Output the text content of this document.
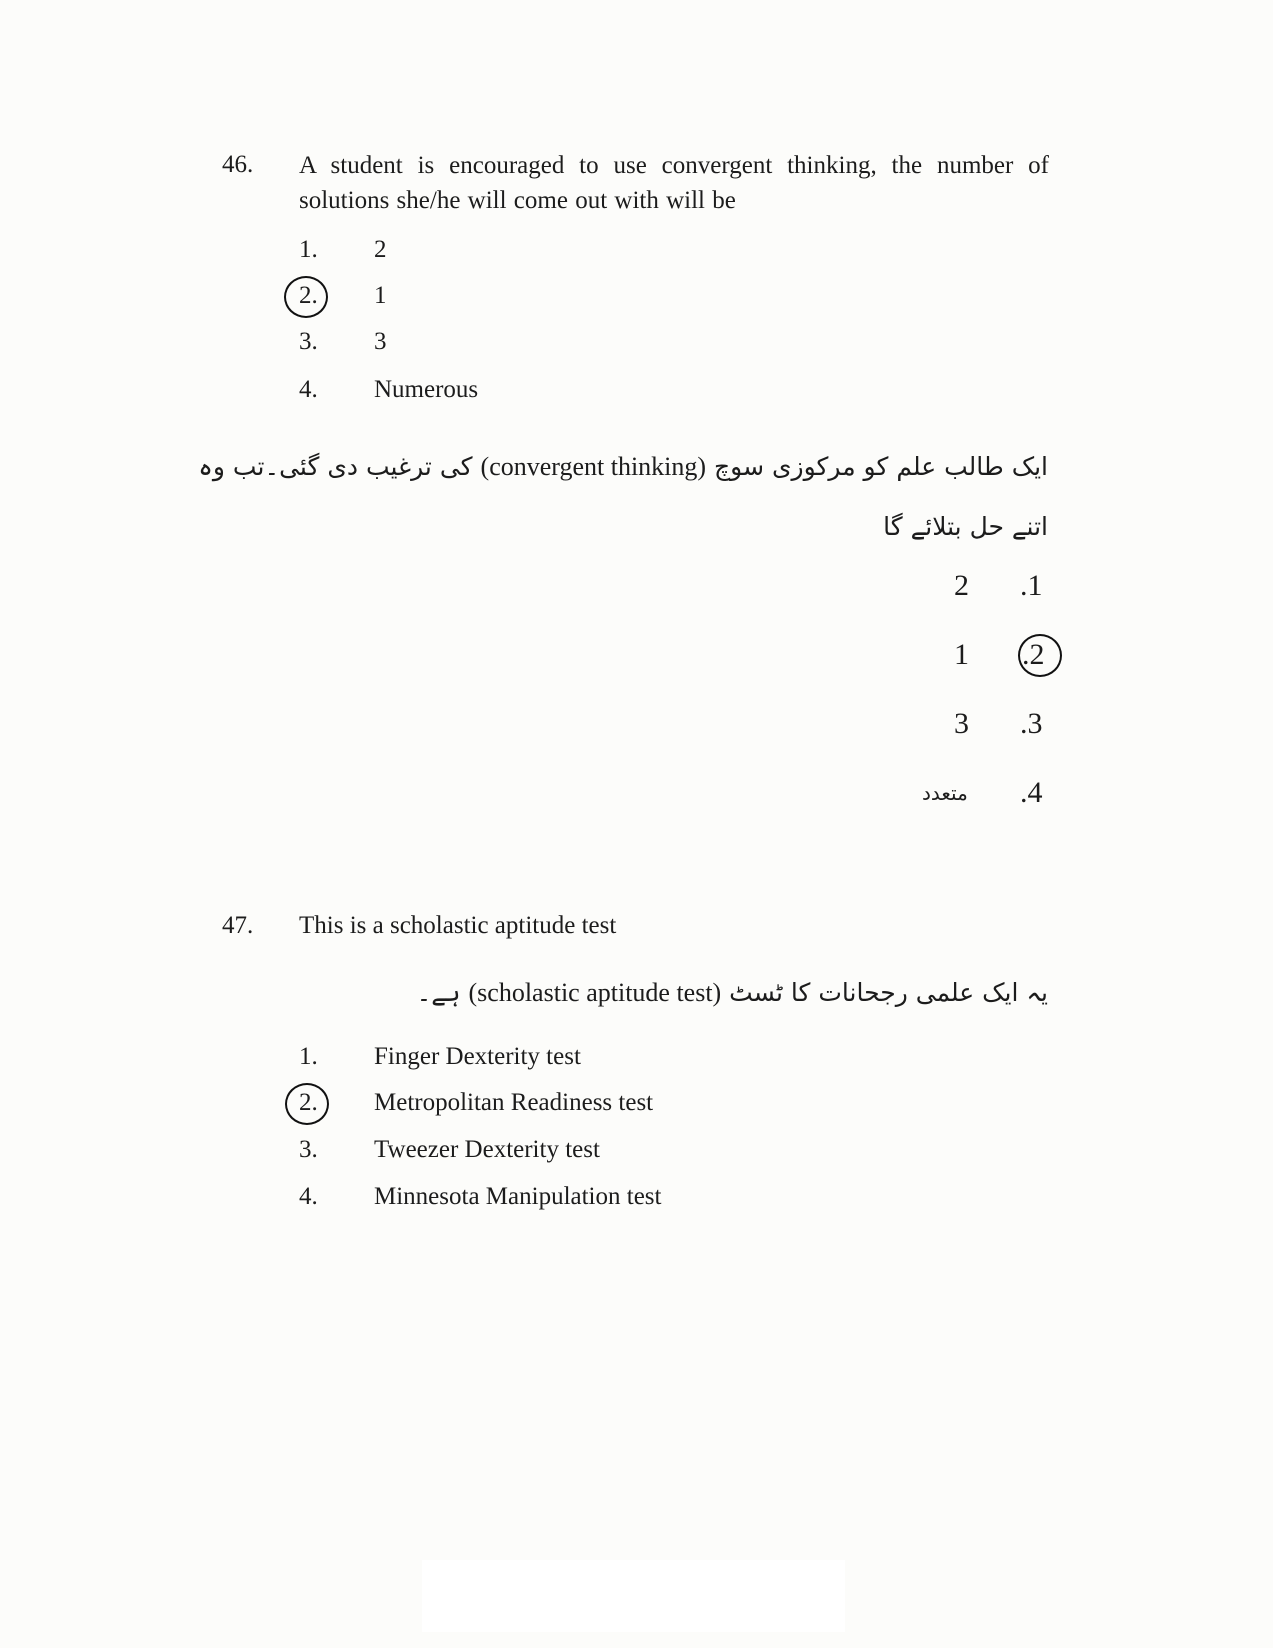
46. A student is encouraged to use convergent thinking, the number of solutions she/he will come out with will be
1. 2
2. 1
3. 3
4. Numerous
ایک طالب علم کو مرکوزی سوچ (convergent thinking) کی ترغیب دی گئی۔تب وہ
اتنے حل بتلائے گا
.1
2
.2
1
.3
3
.4
متعدد
47. This is a scholastic aptitude test
یہ ایک علمی رجحانات کا ٹسٹ (scholastic aptitude test) ہے۔
1. Finger Dexterity test
2. Metropolitan Readiness test
3. Tweezer Dexterity test
4. Minnesota Manipulation test
